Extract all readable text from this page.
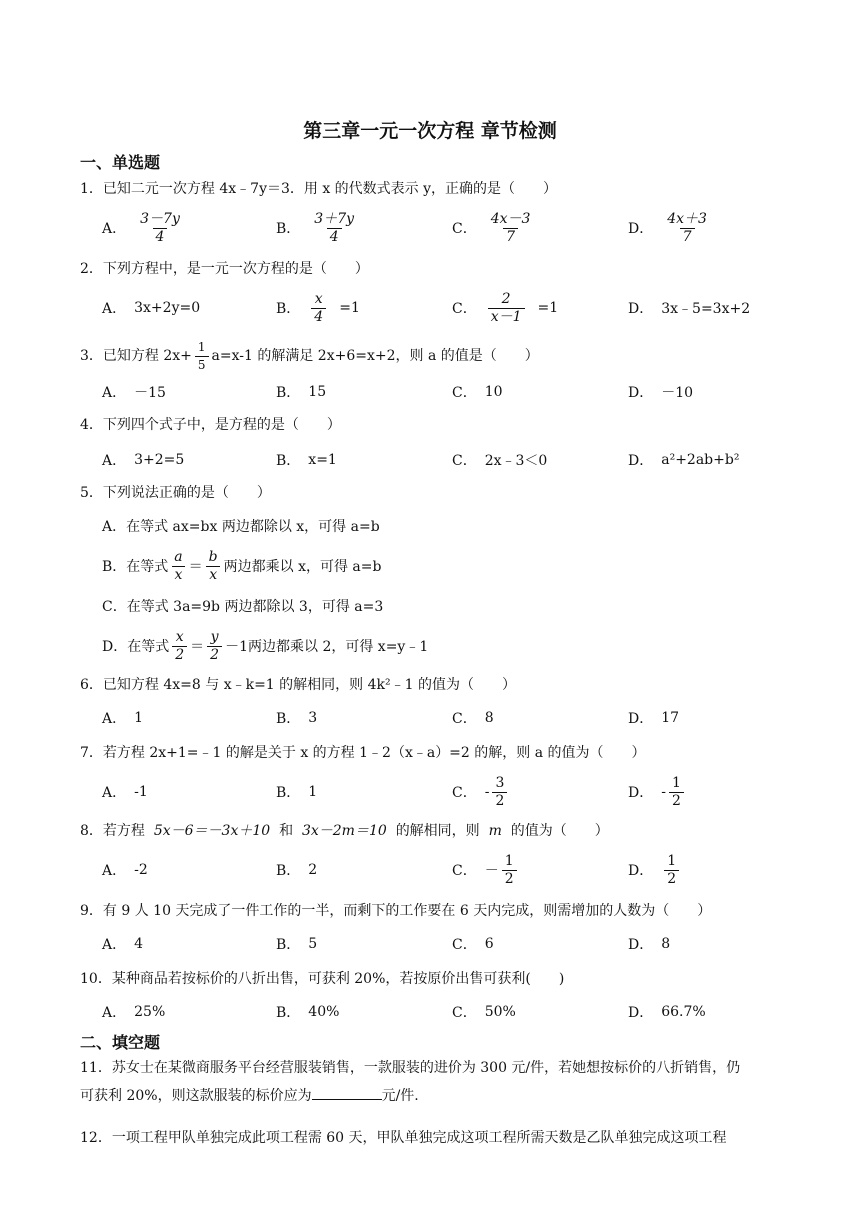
第三章一元一次方程 章节检测
一、单选题
1．已知二元一次方程 4x﹣7y＝3．用 x 的代数式表示 y，正确的是（　　）
A． $\frac{3-7y}{4}$	B． $\frac{3+7y}{4}$	C． $\frac{4x-3}{7}$	D． $\frac{4x+3}{7}$
2．下列方程中，是一元一次方程的是（　　）
A． 3x+2y=0	B． $\frac{x}{4} =1$	C． $\frac{2}{x-1} =1$	D． 3x﹣5=3x+2
3．已知方程 $2x+ \frac{1}{5} a=x-1$ 的解满足 2x+6=x+2，则 a 的值是（　　）
A． －15	B． 15	C． 10	D． －10
4．下列四个式子中，是方程的是（　　）
A． 3+2=5	B． x=1	C． 2x﹣3＜0	D． a²+2ab+b²
5．下列说法正确的是（　　）
A．在等式 ax=bx 两边都除以 x，可得 a=b
B．在等式 $\frac{a}{x} = \frac{b}{x}$ 两边都乘以 x，可得 a=b
C．在等式 3a=9b 两边都除以 3，可得 a=3
D．在等式 $\frac{x}{2} = \frac{y}{2} -1$ 两边都乘以 2，可得 x=y﹣1
6．已知方程 4x=8 与 x﹣k=1 的解相同，则 4k²﹣1 的值为（　　）
A． 1	B． 3	C． 8	D． 17
7．若方程 2x+1=﹣1 的解是关于 x 的方程 1﹣2（x﹣a）=2 的解，则 a 的值为（　　）
A． -1	B． 1	C． - $\frac{3}{2}$	D． - $\frac{1}{2}$
8．若方程 5x－6＝－3x＋10 和 3x－2m＝10 的解相同，则 m 的值为（　　）
A． -2	B． 2	C． － $\frac{1}{2}$	D． $\frac{1}{2}$
9．有 9 人 10 天完成了一件工作的一半，而剩下的工作要在 6 天内完成，则需增加的人数为（　　）
A． 4	B． 5	C． 6	D． 8
10．某种商品若按标价的八折出售，可获利 20%，若按原价出售可获利(　　)
A． 25%	B． 40%	C． 50%	D． 66.7%
二、填空题
11．苏女士在某微商服务平台经营服装销售，一款服装的进价为 300 元/件，若她想按标价的八折销售，仍
可获利 20%，则这款服装的标价应为	元/件.
12．一项工程甲队单独完成此项工程需 60 天，甲队单独完成这项工程所需天数是乙队单独完成这项工程
